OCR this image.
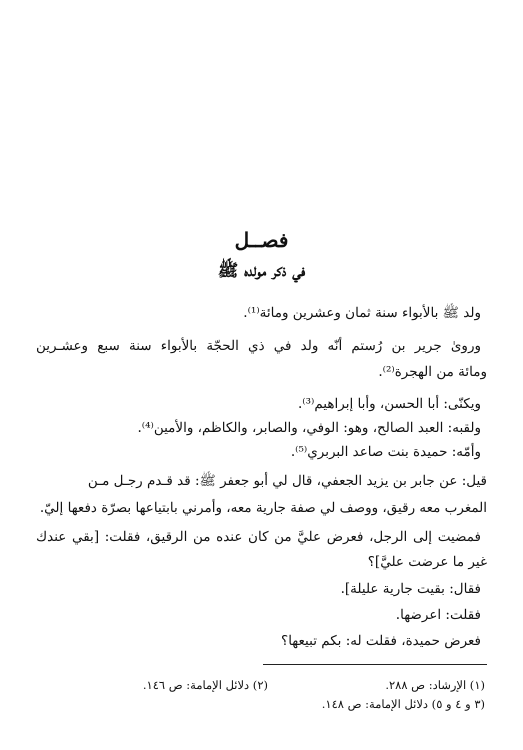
فصــل
في ذكر مولده ﷺ
ولد ﷺ بالأبواء سنة ثمان وعشرين ومائة⁽¹⁾.
ورویٰ جرير بن رُستم أنّه ولد في ذي الحجّة بالأبواء سنة سبع وعشـرين
ومائة من الهجرة⁽²⁾.
ويكنّى: أبا الحسن، وأبا إبراهيم⁽³⁾.
ولقبه: العبد الصالح، وهو: الوفي، والصابر، والكاظم، والأمين⁽⁴⁾.
وأمّه: حميدة بنت صاعد البربري⁽⁵⁾.
قيل: عن جابر بن يزيد الجعفي، قال لي أبو جعفر ﷺ: قد قـدم رجـل مـن
المغرب معه رقيق، ووصف لي صفة جارية معه، وأمرني بابتياعها بصرّة دفعها إليّ.
فمضيت إلى الرجل، فعرض عليَّ من كان عنده من الرقيق، فقلت: [بقي عندك
غير ما عرضت عليَّ]؟
فقال: بقيت جارية عليلة].
فقلت: اعرضها.
فعرض حميدة، فقلت له: بكم تبيعها؟
(١) الإرشاد: ص ٢٨٨.
(٢) دلائل الإمامة: ص ١٤٦.
(٣ و ٤ و ٥) دلائل الإمامة: ص ١٤٨.
